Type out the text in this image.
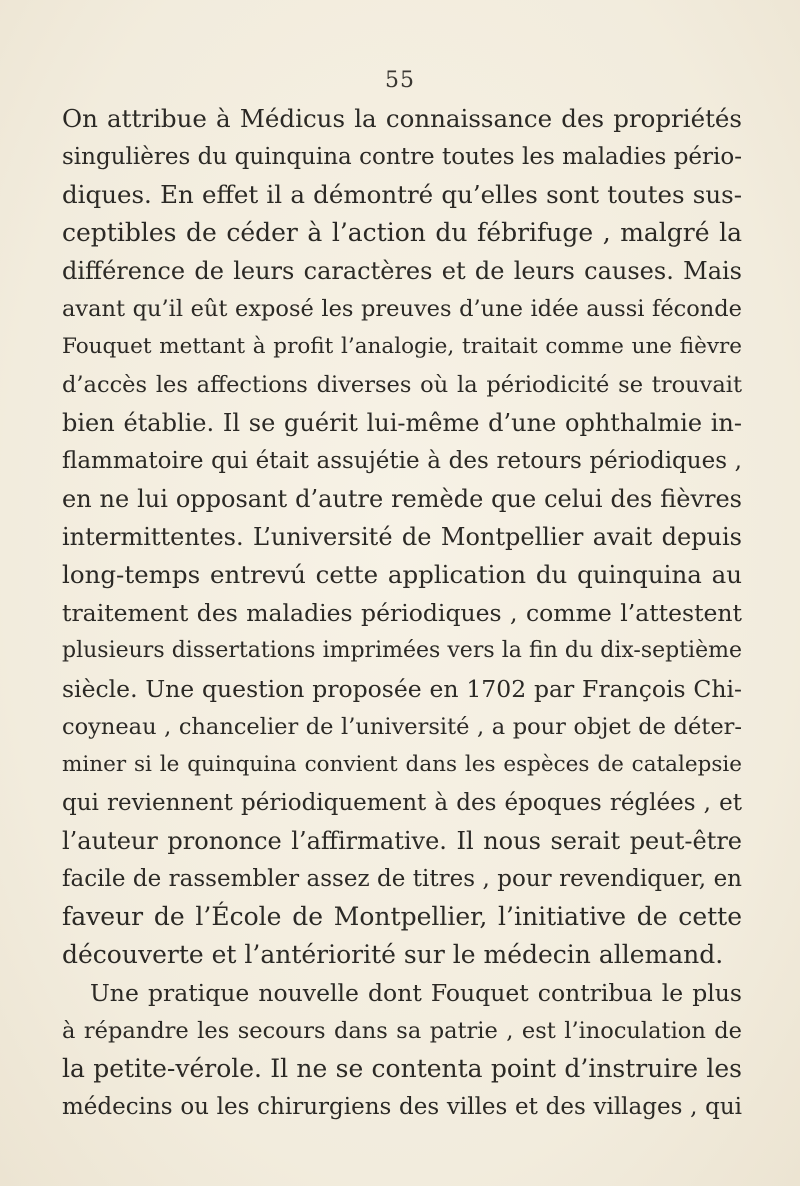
55
On attribue à Médicus la connaissance des propriétés
singulières du quinquina contre toutes les maladies pério-
diques. En effet il a démontré qu’elles sont toutes sus-
ceptibles de céder à l’action du fébrifuge , malgré la
différence de leurs caractères et de leurs causes. Mais
avant qu’il eût exposé les preuves d’une idée aussi féconde
Fouquet mettant à profit l’analogie, traitait comme une fièvre
d’accès les affections diverses où la périodicité se trouvait
bien établie. Il se guérit lui-même d’une ophthalmie in-
flammatoire qui était assujétie à des retours périodiques ,
en ne lui opposant d’autre remède que celui des fièvres
intermittentes. L’université de Montpellier avait depuis
long-temps entrevú cette application du quinquina au
traitement des maladies périodiques , comme l’attestent
plusieurs dissertations imprimées vers la fin du dix-septième
siècle. Une question proposée en 1702 par François Chi-
coyneau , chancelier de l’université , a pour objet de déter-
miner si le quinquina convient dans les espèces de catalepsie
qui reviennent périodiquement à des époques réglées , et
l’auteur prononce l’affirmative. Il nous serait peut-être
facile de rassembler assez de titres , pour revendiquer, en
faveur de l’École de Montpellier, l’initiative de cette
découverte et l’antériorité sur le médecin allemand.
Une pratique nouvelle dont Fouquet contribua le plus
à répandre les secours dans sa patrie , est l’inoculation de
la petite-vérole. Il ne se contenta point d’instruire les
médecins ou les chirurgiens des villes et des villages , qui
